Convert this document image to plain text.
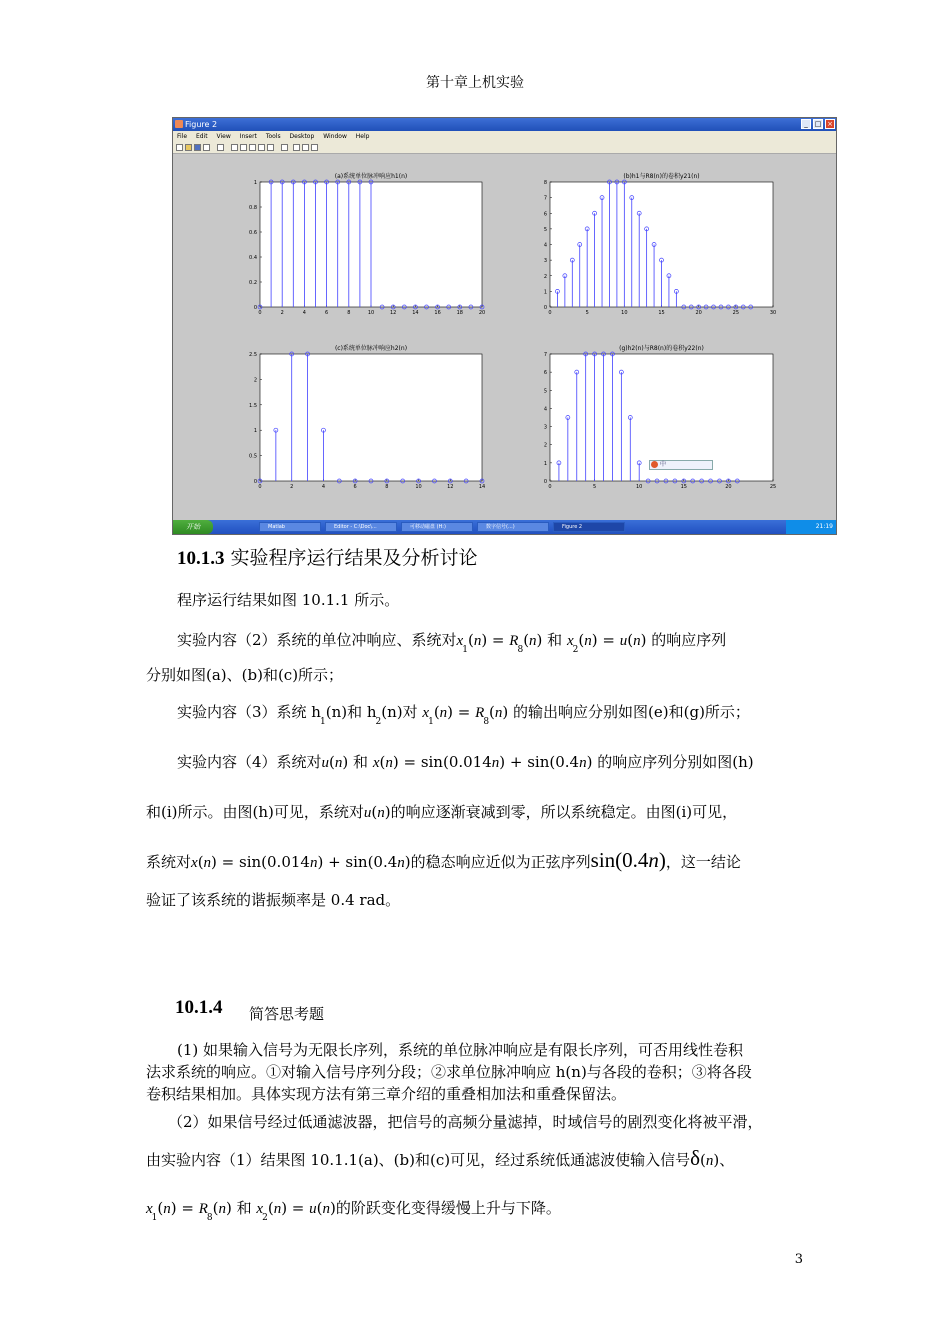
第十章上机实验
Figure 2	_ □ ×
File Edit View Insert Tools Desktop Window Help
(a)系统单位脉冲响应h1(n)
0	2	4	6	8	10	12	14	16	18	20
0
0.2
0.4
0.6
0.8
1
(b)h1与R8(n)的卷积y21(n)
0	5	10	15	20	25	30
0
1
2
3
4
5
6
7
8
(c)系统单位脉冲响应h2(n)
0	2	4	6	8	10	12	14
0
0.5
1
1.5
2
2.5
(g)h2(n)与R8(n)的卷积y22(n)
0	5	10	15	20	25
0
1
2
3
4
5
6
7
中
开始	Matlab	Editor - C:\Doc\...	可移动磁盘 (H:)	数字信号(...)	Figure 2	21:19
10.1.3 实验程序运行结果及分析讨论
程序运行结果如图 10.1.1 所示。
实验内容（2）系统的单位冲响应、系统对$x_1(n) = R_8(n)$ 和 $x_2(n) = u(n)$ 的响应序列
分别如图(a)、(b)和(c)所示；
实验内容（3）系统 $h_1(n)$和 $h_2(n)$对 $x_1(n) = R_8(n)$ 的输出响应分别如图(e)和(g)所示；
实验内容（4）系统对u(n) 和 x(n) = sin(0.014n) + sin(0.4n) 的响应序列分别如图(h)
和(i)所示。由图(h)可见，系统对u(n)的响应逐渐衰减到零，所以系统稳定。由图(i)可见，
系统对x(n) = sin(0.014n) + sin(0.4n)的稳态响应近似为正弦序列sin(0.4n)，这一结论
验证了该系统的谐振频率是 0.4 rad。
10.1.4 简答思考题
(1) 如果输入信号为无限长序列，系统的单位脉冲响应是有限长序列，可否用线性卷积
法求系统的响应。①对输入信号序列分段；②求单位脉冲响应 h(n)与各段的卷积；③将各段
卷积结果相加。具体实现方法有第三章介绍的重叠相加法和重叠保留法。
（2）如果信号经过低通滤波器，把信号的高频分量滤掉，时域信号的剧烈变化将被平滑，
由实验内容（1）结果图 10.1.1(a)、(b)和(c)可见，经过系统低通滤波使输入信号δ(n)、
$x_1(n) = R_8(n)$ 和 $x_2(n) = u(n)$的阶跃变化变得缓慢上升与下降。
3
